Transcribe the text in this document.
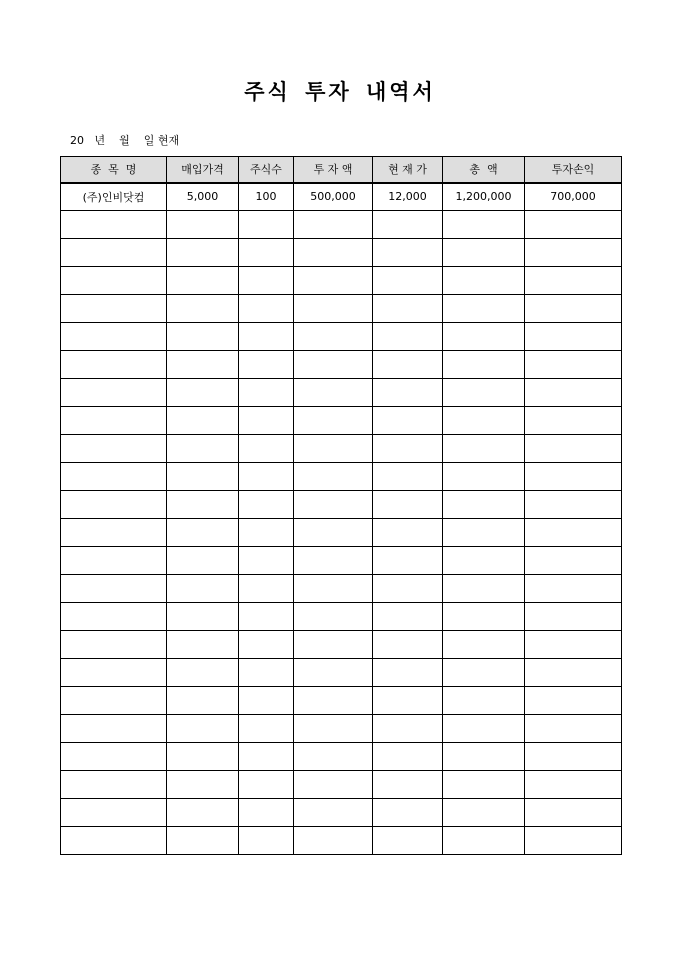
주식 투자 내역서
20   년    월    일 현재
종  목  명	매입가격	주식수	투 자 액	현 재 가	총  액	투자손익
(주)인비닷컴	5,000	100	500,000	12,000	1,200,000	700,000
